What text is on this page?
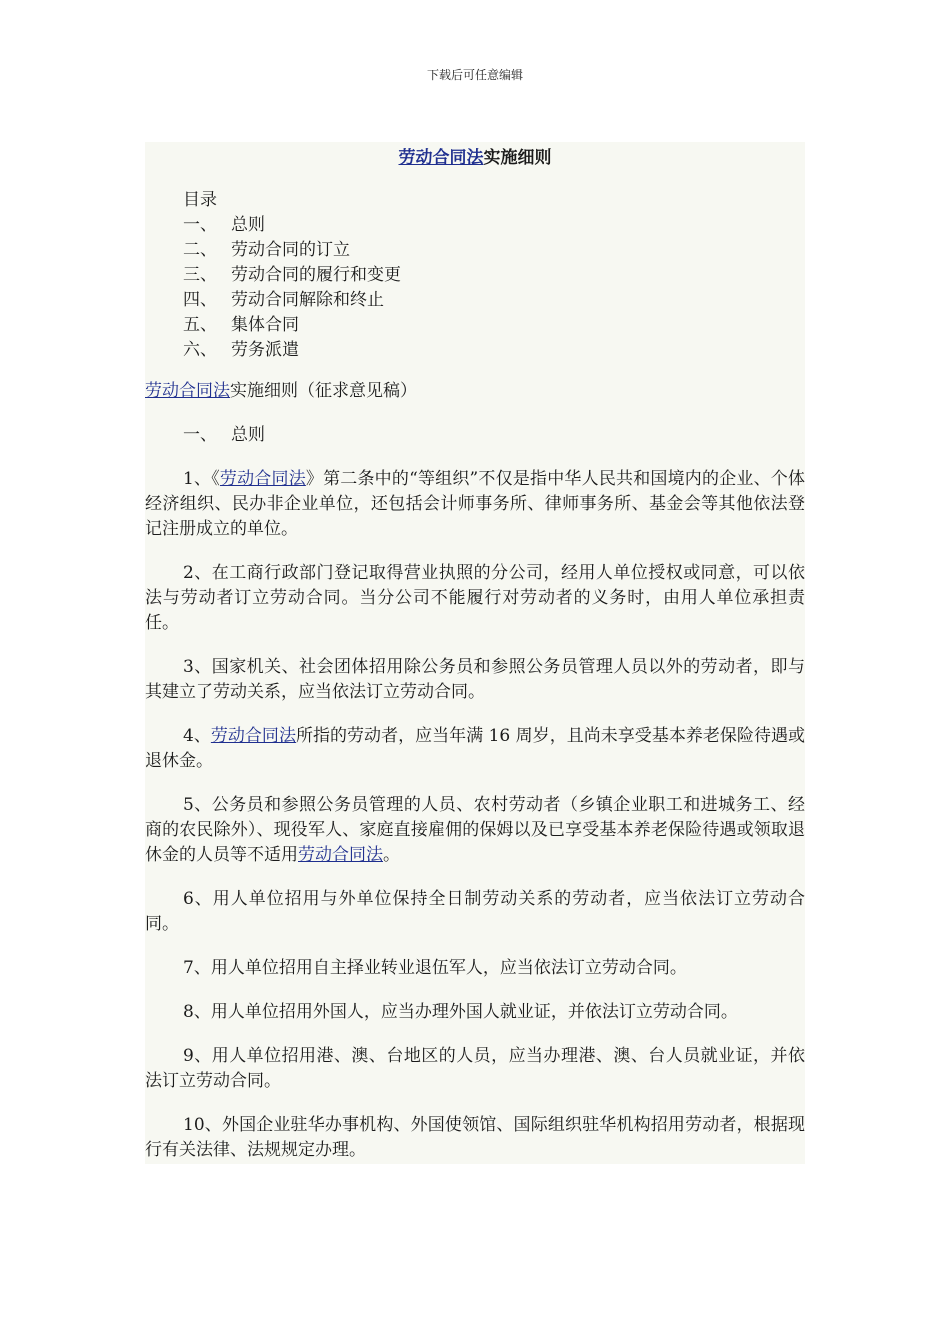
下载后可任意编辑
劳动合同法实施细则
目录
一、 总则
二、 劳动合同的订立
三、 劳动合同的履行和变更
四、 劳动合同解除和终止
五、 集体合同
六、 劳务派遣
劳动合同法实施细则（征求意见稿）
一、 总则
1、《劳动合同法》第二条中的“等组织”不仅是指中华人民共和国境内的企业、个体经济组织、民办非企业单位，还包括会计师事务所、律师事务所、基金会等其他依法登记注册成立的单位。
2、在工商行政部门登记取得营业执照的分公司，经用人单位授权或同意，可以依法与劳动者订立劳动合同。当分公司不能履行对劳动者的义务时，由用人单位承担责任。
3、国家机关、社会团体招用除公务员和参照公务员管理人员以外的劳动者，即与其建立了劳动关系，应当依法订立劳动合同。
4、劳动合同法所指的劳动者，应当年满 16 周岁，且尚未享受基本养老保险待遇或退休金。
5、公务员和参照公务员管理的人员、农村劳动者（乡镇企业职工和进城务工、经商的农民除外）、现役军人、家庭直接雇佣的保姆以及已享受基本养老保险待遇或领取退休金的人员等不适用劳动合同法。
6、用人单位招用与外单位保持全日制劳动关系的劳动者，应当依法订立劳动合同。
7、用人单位招用自主择业转业退伍军人，应当依法订立劳动合同。
8、用人单位招用外国人，应当办理外国人就业证，并依法订立劳动合同。
9、用人单位招用港、澳、台地区的人员，应当办理港、澳、台人员就业证，并依法订立劳动合同。
10、外国企业驻华办事机构、外国使领馆、国际组织驻华机构招用劳动者，根据现行有关法律、法规规定办理。
